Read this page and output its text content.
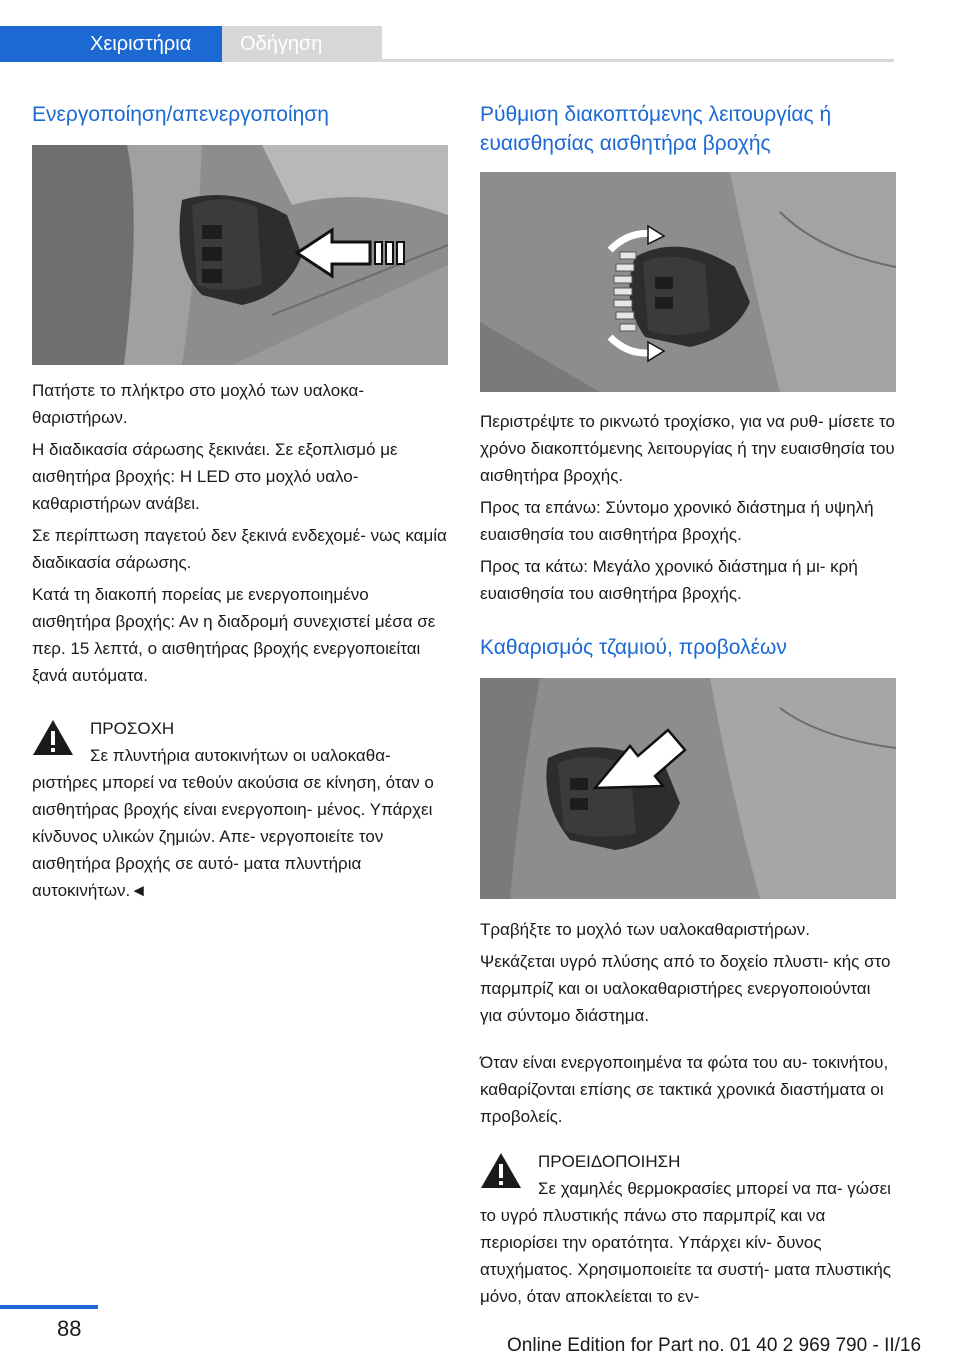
Χειριστήρια	Οδήγηση
Ενεργοποίηση/απενεργοποίηση

Πατήστε το πλήκτρο στο μοχλό των υαλοκα‐ θαριστήρων.

Η διαδικασία σάρωσης ξεκινάει. Σε εξοπλισμό με αισθητήρα βροχής: Η LED στο μοχλό υαλο‐ καθαριστήρων ανάβει.

Σε περίπτωση παγετού δεν ξεκινά ενδεχομέ‐ νως καμία διαδικασία σάρωσης.

Κατά τη διακοπή πορείας με ενεργοποιημένο αισθητήρα βροχής: Αν η διαδρομή συνεχιστεί μέσα σε περ. 15 λεπτά, ο αισθητήρας βροχής ενεργοποιείται ξανά αυτόματα.

ΠΡΟΣΟΧΗ
Σε πλυντήρια αυτοκινήτων οι υαλοκαθα‐ ριστήρες μπορεί να τεθούν ακούσια σε κίνηση, όταν ο αισθητήρας βροχής είναι ενεργοποιη‐ μένος. Υπάρχει κίνδυνος υλικών ζημιών. Απε‐ νεργοποιείτε τον αισθητήρα βροχής σε αυτό‐ ματα πλυντήρια αυτοκινήτων.◄
Ρύθμιση διακοπτόμενης λειτουργίας ή ευαισθησίας αισθητήρα βροχής

Περιστρέψτε το ρικνωτό τροχίσκο, για να ρυθ‐ μίσετε το χρόνο διακοπτόμενης λειτουργίας ή την ευαισθησία του αισθητήρα βροχής.

Προς τα επάνω: Σύντομο χρονικό διάστημα ή υψηλή ευαισθησία του αισθητήρα βροχής.

Προς τα κάτω: Μεγάλο χρονικό διάστημα ή μι‐ κρή ευαισθησία του αισθητήρα βροχής.

Καθαρισμός τζαμιού, προβολέων

Τραβήξτε το μοχλό των υαλοκαθαριστήρων.

Ψεκάζεται υγρό πλύσης από το δοχείο πλυστι‐ κής στο παρμπρίζ και οι υαλοκαθαριστήρες ενεργοποιούνται για σύντομο διάστημα.

Όταν είναι ενεργοποιημένα τα φώτα του αυ‐ τοκινήτου, καθαρίζονται επίσης σε τακτικά χρονικά διαστήματα οι προβολείς.

ΠΡΟΕΙΔΟΠΟΙΗΣΗ
Σε χαμηλές θερμοκρασίες μπορεί να πα‐ γώσει το υγρό πλυστικής πάνω στο παρμπρίζ και να περιορίσει την ορατότητα. Υπάρχει κίν‐ δυνος ατυχήματος. Χρησιμοποιείτε τα συστή‐ ματα πλυστικής μόνο, όταν αποκλείεται το εν‐
88
Online Edition for Part no. 01 40 2 969 790 - II/16
